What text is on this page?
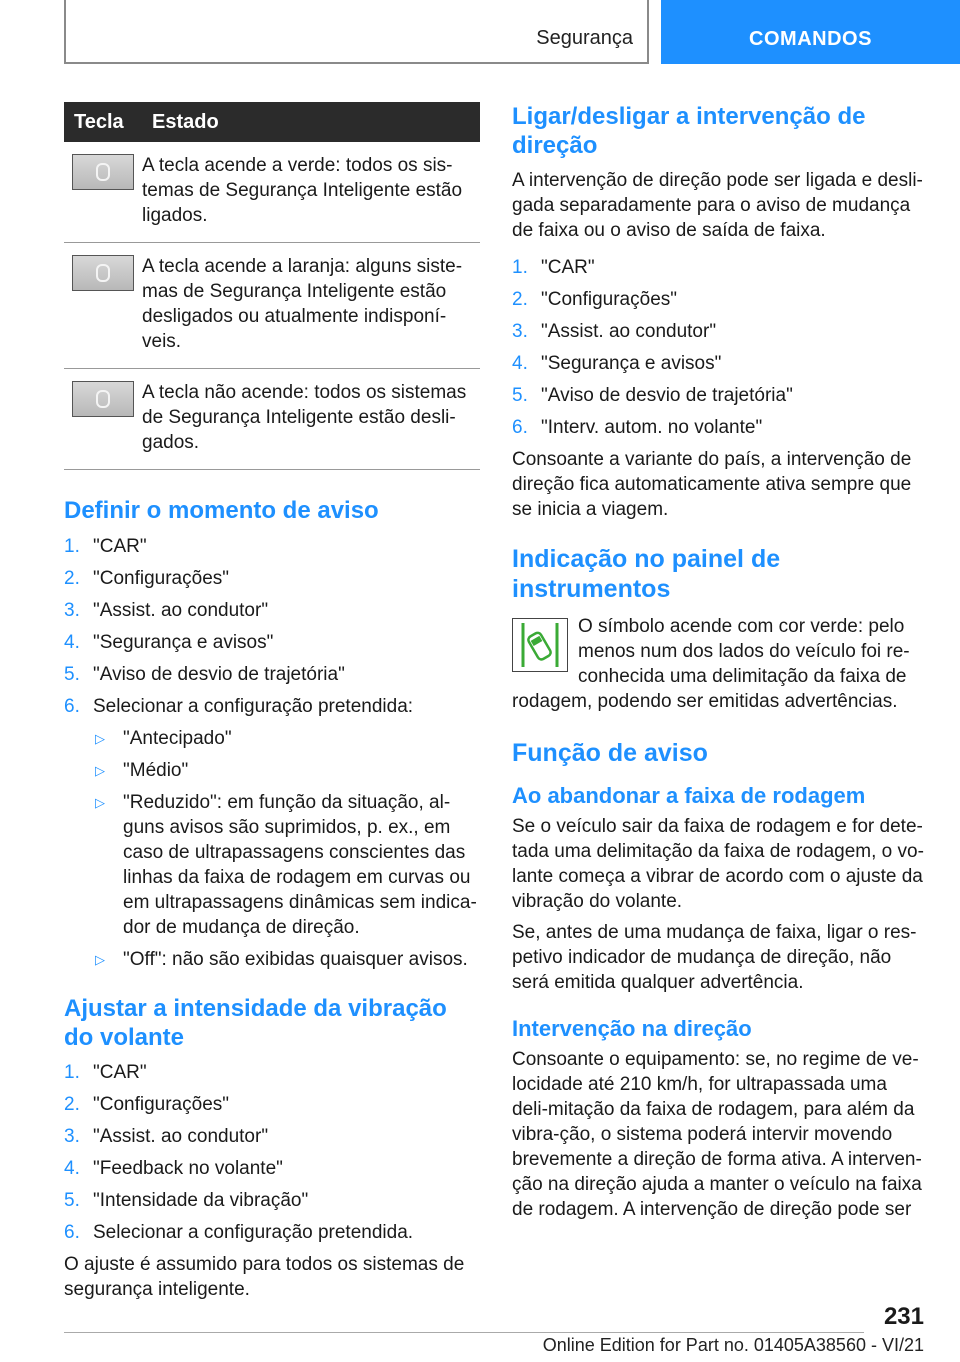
Segurança	COMANDOS
Tecla	Estado

	A tecla acende a verde: todos os sis-temas de Segurança Inteligente estão ligados.

	A tecla acende a laranja: alguns siste-mas de Segurança Inteligente estão desligados ou atualmente indisponí-veis.

	A tecla não acende: todos os sistemas de Segurança Inteligente estão desli-gados.
Definir o momento de aviso
1. "CAR"
2. "Configurações"
3. "Assist. ao condutor"
4. "Segurança e avisos"
5. "Aviso de desvio de trajetória"
6. Selecionar a configuração pretendida:
▷ "Antecipado"
▷ "Médio"
▷ "Reduzido": em função da situação, al-guns avisos são suprimidos, p. ex., em caso de ultrapassagens conscientes das linhas da faixa de rodagem em curvas ou em ultrapassagens dinâmicas sem indica-dor de mudança de direção.
▷ "Off": não são exibidas quaisquer avisos.
Ajustar a intensidade da vibração do volante
1. "CAR"
2. "Configurações"
3. "Assist. ao condutor"
4. "Feedback no volante"
5. "Intensidade da vibração"
6. Selecionar a configuração pretendida.

O ajuste é assumido para todos os sistemas de segurança inteligente.

Ligar/desligar a intervenção de direção

A intervenção de direção pode ser ligada e desli-gada separadamente para o aviso de mudança de faixa ou o aviso de saída de faixa.

1. "CAR"
2. "Configurações"
3. "Assist. ao condutor"
4. "Segurança e avisos"
5. "Aviso de desvio de trajetória"
6. "Interv. autom. no volante"

Consoante a variante do país, a intervenção de direção fica automaticamente ativa sempre que se inicia a viagem.

Indicação no painel de instrumentos

O símbolo acende com cor verde: pelo menos num dos lados do veículo foi re-conhecida uma delimitação da faixa de rodagem, podendo ser emitidas advertências.

Função de aviso
Ao abandonar a faixa de rodagem

Se o veículo sair da faixa de rodagem e for dete-tada uma delimitação da faixa de rodagem, o vo-lante começa a vibrar de acordo com o ajuste da vibração do volante.

Se, antes de uma mudança de faixa, ligar o res-petivo indicador de mudança de direção, não será emitida qualquer advertência.

Intervenção na direção

Consoante o equipamento: se, no regime de ve-locidade até 210 km/h, for ultrapassada uma deli-mitação da faixa de rodagem, para além da vibra-ção, o sistema poderá intervir movendo brevemente a direção de forma ativa. A interven-ção na direção ajuda a manter o veículo na faixa de rodagem. A intervenção de direção pode ser

231
Online Edition for Part no. 01405A38560 - VI/21
